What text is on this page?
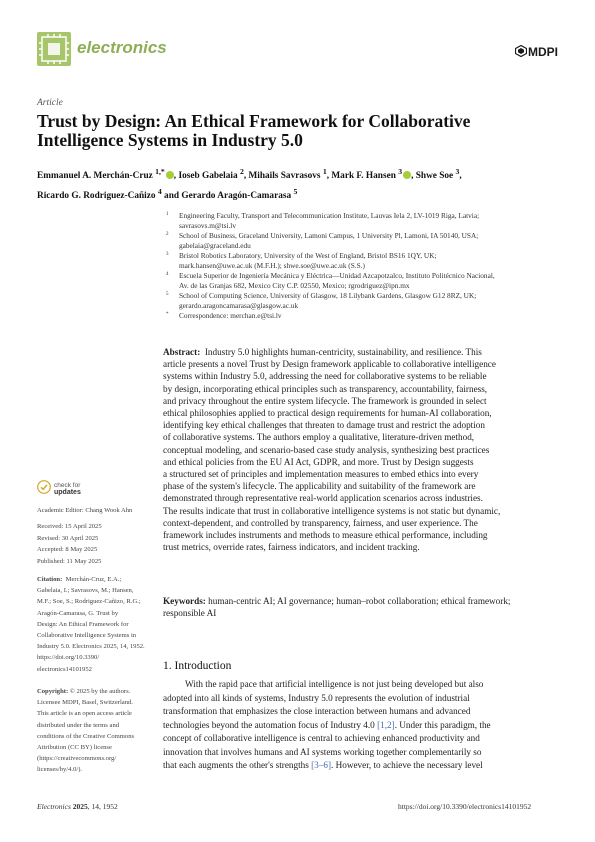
electronics	MDPI
Article
Trust by Design: An Ethical Framework for Collaborative
Intelligence Systems in Industry 5.0
Emmanuel A. Merchán-Cruz $^{1,*}$ , Ioseb Gabelaia $^2$, Mihails Savrasovs $^1$, Mark F. Hansen $^3$ , Shwe Soe $^3$,
Ricardo G. Rodriguez-Cañizo $^4$ and Gerardo Aragón-Camarasa $^5$
1 Engineering Faculty, Transport and Telecommunication Institute, Lauvas Iela 2, LV-1019 Riga, Latvia;
savrasovs.m@tsi.lv
2 School of Business, Graceland University, Lamoni Campus, 1 University Pl, Lamoni, IA 50140, USA;
gabelaia@graceland.edu
3 Bristol Robotics Laboratory, University of the West of England, Bristol BS16 1QY, UK;
mark.hansen@uwe.ac.uk (M.F.H.); shwe.soe@uwe.ac.uk (S.S.)
4 Escuela Superior de Ingeniería Mecánica y Eléctrica—Unidad Azcapotzalco, Instituto Politécnico Nacional,
Av. de las Granjas 682, Mexico City C.P. 02550, Mexico; rgrodriguez@ipn.mx
5 School of Computing Science, University of Glasgow, 18 Lilybank Gardens, Glasgow G12 8RZ, UK;
gerardo.aragoncamarasa@glasgow.ac.uk
* Correspondence: merchan.e@tsi.lv
Abstract: Industry 5.0 highlights human-centricity, sustainability, and resilience. This
article presents a novel Trust by Design framework applicable to collaborative intelligence
systems within Industry 5.0, addressing the need for collaborative systems to be reliable
by design, incorporating ethical principles such as transparency, accountability, fairness,
and privacy throughout the entire system lifecycle. The framework is grounded in select
ethical philosophies applied to practical design requirements for human-AI collaboration,
identifying key ethical challenges that threaten to damage trust and restrict the adoption
of collaborative systems. The authors employ a qualitative, literature-driven method,
conceptual modeling, and scenario-based case study analysis, synthesizing best practices
and ethical policies from the EU AI Act, GDPR, and more. Trust by Design suggests
a structured set of principles and implementation measures to embed ethics into every
phase of the system's lifecycle. The applicability and suitability of the framework are
demonstrated through representative real-world application scenarios across industries.
The results indicate that trust in collaborative intelligence systems is not static but dynamic,
context-dependent, and controlled by transparency, fairness, and user experience. The
framework includes instruments and methods to measure ethical performance, including
trust metrics, override rates, fairness indicators, and incident tracking.
Keywords: human-centric AI; AI governance; human–robot collaboration; ethical framework;
responsible AI
check for
updates
Academic Editor: Chang Wook Ahn
Received: 15 April 2025
Revised: 30 April 2025
Accepted: 8 May 2025
Published: 11 May 2025
Citation: Merchán-Cruz, E.A.;
Gabelaia, I.; Savrasovs, M.; Hansen,
M.F.; Soe, S.; Rodriguez-Cañizo, R.G.;
Aragón-Camarasa, G. Trust by
Design: An Ethical Framework for
Collaborative Intelligence Systems in
Industry 5.0. Electronics 2025, 14, 1952.
https://doi.org/10.3390/
electronics14101952
Copyright: © 2025 by the authors.
Licensee MDPI, Basel, Switzerland.
This article is an open access article
distributed under the terms and
conditions of the Creative Commons
Attribution (CC BY) license
(https://creativecommons.org/
licenses/by/4.0/).
1. Introduction
With the rapid pace that artificial intelligence is not just being developed but also
adopted into all kinds of systems, Industry 5.0 represents the evolution of industrial
transformation that emphasizes the close interaction between humans and advanced
technologies beyond the automation focus of Industry 4.0 [1,2]. Under this paradigm, the
concept of collaborative intelligence is central to achieving enhanced productivity and
innovation that involves humans and AI systems working together complementarily so
that each augments the other's strengths [3–6]. However, to achieve the necessary level
Electronics 2025, 14, 1952	https://doi.org/10.3390/electronics14101952
